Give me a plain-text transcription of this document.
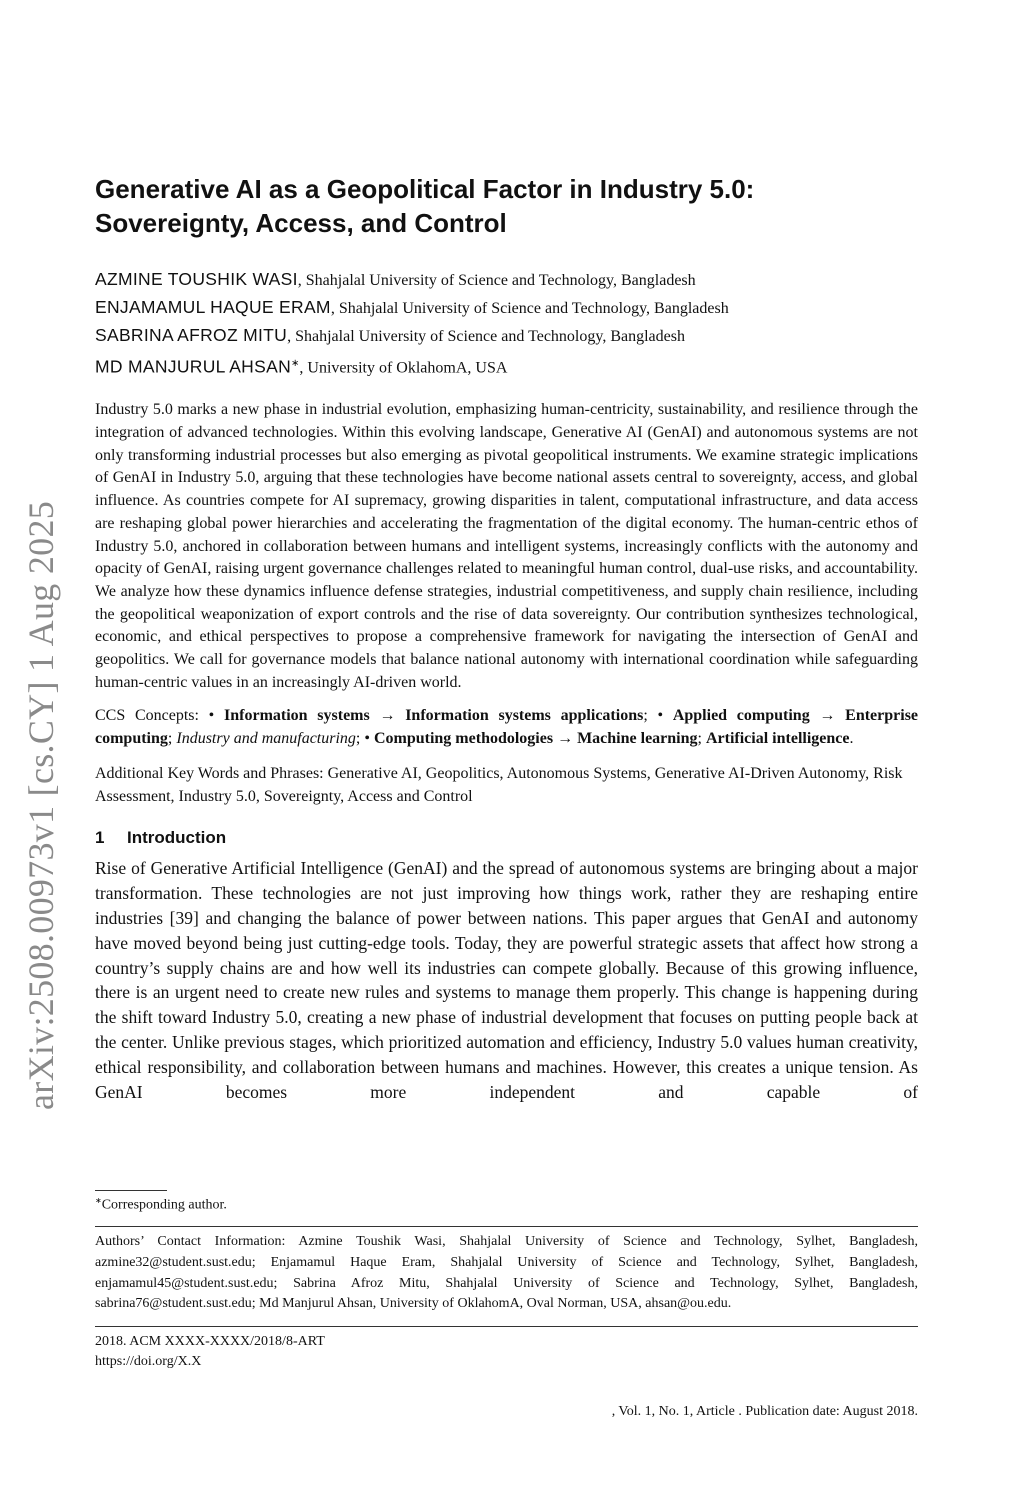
arXiv:2508.00973v1 [cs.CY] 1 Aug 2025
Generative AI as a Geopolitical Factor in Industry 5.0:
Sovereignty, Access, and Control
AZMINE TOUSHIK WASI, Shahjalal University of Science and Technology, Bangladesh
ENJAMAMUL HAQUE ERAM, Shahjalal University of Science and Technology, Bangladesh
SABRINA AFROZ MITU, Shahjalal University of Science and Technology, Bangladesh
MD MANJURUL AHSAN∗, University of OklahomA, USA

Industry 5.0 marks a new phase in industrial evolution, emphasizing human-centricity, sustainability, and resilience through the integration of advanced technologies. Within this evolving landscape, Generative AI (GenAI) and autonomous systems are not only transforming industrial processes but also emerging as pivotal geopolitical instruments. We examine strategic implications of GenAI in Industry 5.0, arguing that these technologies have become national assets central to sovereignty, access, and global influence. As countries compete for AI supremacy, growing disparities in talent, computational infrastructure, and data access are reshaping global power hierarchies and accelerating the fragmentation of the digital economy. The human-centric ethos of Industry 5.0, anchored in collaboration between humans and intelligent systems, increasingly conflicts with the autonomy and opacity of GenAI, raising urgent governance challenges related to meaningful human control, dual-use risks, and accountability. We analyze how these dynamics influence defense strategies, industrial competitiveness, and supply chain resilience, including the geopolitical weaponization of export controls and the rise of data sovereignty. Our contribution synthesizes technological, economic, and ethical perspectives to propose a comprehensive framework for navigating the intersection of GenAI and geopolitics. We call for governance models that balance national autonomy with international coordination while safeguarding human-centric values in an increasingly AI-driven world.

CCS Concepts: • Information systems → Information systems applications; • Applied computing → Enterprise computing; Industry and manufacturing; • Computing methodologies → Machine learning; Artificial intelligence.
Additional Key Words and Phrases: Generative AI, Geopolitics, Autonomous Systems, Generative AI-Driven Autonomy, Risk Assessment, Industry 5.0, Sovereignty, Access and Control
1 Introduction

Rise of Generative Artificial Intelligence (GenAI) and the spread of autonomous systems are bringing about a major transformation. These technologies are not just improving how things work, rather they are reshaping entire industries [39] and changing the balance of power between nations. This paper argues that GenAI and autonomy have moved beyond being just cutting-edge tools. Today, they are powerful strategic assets that affect how strong a country’s supply chains are and how well its industries can compete globally. Because of this growing influence, there is an urgent need to create new rules and systems to manage them properly. This change is happening during the shift toward Industry 5.0, creating a new phase of industrial development that focuses on putting people back at the center. Unlike previous stages, which prioritized automation and efficiency, Industry 5.0 values human creativity, ethical responsibility, and collaboration between humans and machines. However, this creates a unique tension. As GenAI becomes more independent and capable of

∗Corresponding author.
Authors’ Contact Information: Azmine Toushik Wasi, Shahjalal University of Science and Technology, Sylhet, Bangladesh, azmine32@student.sust.edu; Enjamamul Haque Eram, Shahjalal University of Science and Technology, Sylhet, Bangladesh, enjamamul45@student.sust.edu; Sabrina Afroz Mitu, Shahjalal University of Science and Technology, Sylhet, Bangladesh, sabrina76@student.sust.edu; Md Manjurul Ahsan, University of OklahomA, Oval Norman, USA, ahsan@ou.edu.
2018. ACM XXXX-XXXX/2018/8-ART
https://doi.org/X.X
, Vol. 1, No. 1, Article . Publication date: August 2018.
